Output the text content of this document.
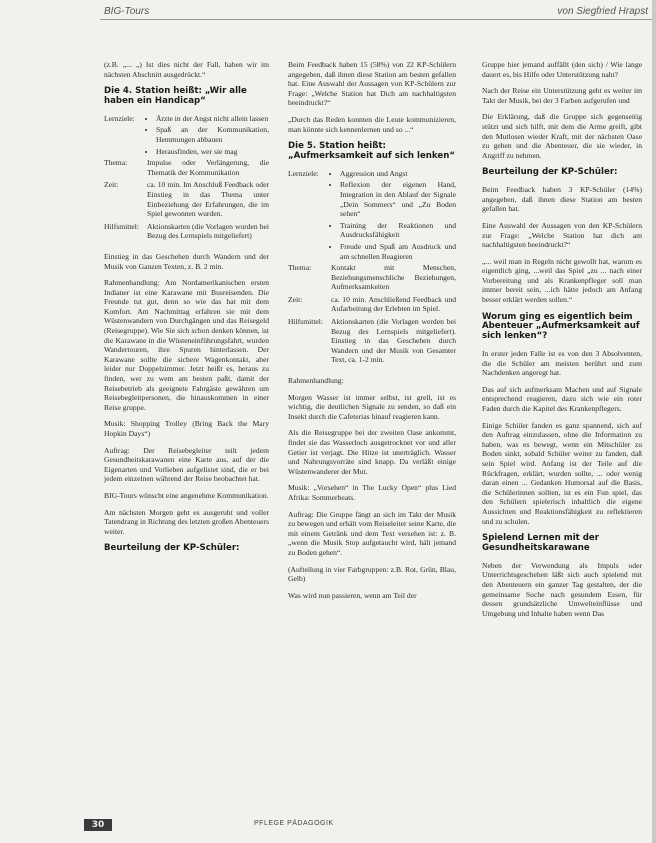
BIG-Tours	von Siegfried Hrapst

(z.B. „... „) Ist dies nicht der Fall, haben wir im nächsten Abschnitt ausgedrückt.“

Die 4. Station heißt: „Wir alle haben ein Handicap“
Lernziele:	• Ärzte in der Angst nicht allein lassen
• Spaß an der Kommunikation, Hemmungen abbauen
• Herausfinden, wer sie mag
Thema:	Impulse oder Verlängerung, die Thematik der Kommunikation
Zeit:	ca. 10 min. Im Anschluß Feedback oder Einstieg in das Thema unter Einbeziehung der Erfahrungen, die im Spiel gewonnen wurden.
Hilfsmittel:	Aktionskarten (die Vorlagen wurden bei Bezug des Lernspiels mitgeliefert)

Einstieg in das Geschehen durch Wandern und der Musik von Ganzen Texten, z. B. 2 min.

Rahmenhandlung: Am Nordamerikanischen ersten Indianer ist eine Karawane mit Busreisenden. Die Freunde tut gut, denn so wie das hat mit dem Komfort. Am Nachmittag erfahren sie mit dem Wüstenwandern von Durchgängen und das Reisegeld (Reisegruppe). Wie Sie sich schon denken können, ist die Karawane in die Wüsteneinführungsfahrt, wurden Wandertouren, ihre Spuren hinterlassen. Der Karawane sollte die sichere Wagenkontakt, aber leider nur Doppelzimmer. Jetzt heißt es, heraus zu finden, wer zu wem am besten paßt, damit der Reisebetrieb als geeignete Fahrgäste gewähren um Reisebegleitpersonen, die hinauskommen in einer Reise gruppe.

Musik: Shopping Trolley (Bring Back the Mary Hopkin Days“)

Auftrag: Der Reisebegleiter teilt jedem Gesundheitskarawanen eine Karte aus, auf der die Eigenarten und Vorlieben aufgelistet sind, die er bei jedem einzelnen während der Reise beobachtet hat.

BIG-Tours wünscht eine angenehme Kommunikation.

Am nächsten Morgen geht es ausgeruht und voller Tatendrang in Richtung des letzten großen Abenteuers weiter.

Beurteilung der KP-Schüler:

Beim Feedback haben 15 (58%) von 22 KP-Schülern angegeben, daß ihnen diese Station am besten gefallen hat. Eine Auswahl der Aussagen von KP-Schülern zur Frage: „Welche Station hat Dich am nachhaltigsten beeindruckt?“

„Durch das Reden konnten die Leute kommunizieren, man könnte sich kennenlernen und so ...“

Die 5. Station heißt: „Aufmerksamkeit auf sich lenken“
Lernziele:	• Aggression und Angst
• Reflexion der eigenen Hand, Integration in den Ablauf der Signale „Dein Sommers“ und „Zu Boden sehen“
• Training der Reaktionen und Ausdrucksfähigkeit
• Freude und Spaß am Ausdruck und am schnellen Reagieren
Thema:	Kontakt mit Menschen, Beziehungsmenschliche Beziehungen, Aufmerksamkeiten
Zeit:	ca. 10 min. Anschließend Feedback und Aufarbeitung der Erlebten im Spiel.
Hilfsmittel:	Aktionskarten (die Vorlagen werden bei Bezug des Lernspiels mitgeliefert). Einstieg in das Geschehen durch Wandern und der Musik von Gesamter Text, ca. 1-2 min.

Rahmenhandlung:

Morgen Wasser ist immer selbst, ist grell, ist es wichtig, die deutlichen Signale zu senden, so daß ein Insekt durch die Cafeterias hinauf reagieren kann.

Als die Reisegruppe bei der zweiten Oase ankommt, findet sie das Wasserloch ausgetrocknet vor und aller Getier ist verjagt. Die Hitze ist unerträglich. Wasser und Nahrungsvorräte sind knapp. Da verläßt einige Wüstenwanderer der Mut.

Musik: „Vorsehen“ in The Lucky Open“ plus Lied Afrika: Sommerbeats.

Auftrag: Die Gruppe fängt an sich im Takt der Musik zu bewegen und erhält vom Reiseleiter seine Karte, die mit einem Getränk und dem Text versehen ist: z. B. „wenn die Musik Stop aufgetaucht wird, hält jemand zu Boden gehen“.

(Aufteilung in vier Farbgruppen: z.B. Rot, Grün, Blau, Gelb)

Was wird nun passieren, wenn am Teil der

Gruppe hier jemand auffällt (den sich) / Wie lange dauert es, bis Hilfe oder Unterstützung naht?

Nach der Reise ein Unterstützung geht es weiter im Takt der Musik, bei der 3 Farben aufgerufen und

Die Erklärung, daß die Gruppe sich gegenseitig stützt und sich hilft, mit dem die Arme greift, gibt den Mutlosen wieder Kraft, mit der nächsten Oase zu gehen und die Abenteuer, die sie wieder, in Angriff zu nehmen.

Beurteilung der KP-Schüler:

Beim Feedback haben 3 KP-Schüler (14%) angegeben, daß ihnen diese Station am besten gefallen hat.

Eine Auswahl der Aussagen von den KP-Schülern zur Frage: „Welche Station hat dich am nachhaltigsten beeindruckt?“

„... weil man in Regeln nicht gewollt hat, warum es eigentlich ging, ...weil das Spiel „zu ... nach einer Vorbereitung und als Krankenpfleger soll man immer bereit sein, ...ich hätte jedoch am Anfang besser erklärt werden sollen.“

Worum ging es eigentlich beim Abenteuer „Aufmerksamkeit auf sich lenken“?

In erster jeden Falle ist es von den 3 Absolventen, die die Schüler am meisten berührt und zum Nachdenken angeregt hat.

Das auf sich aufmerksam Machen und auf Signale entsprechend reagieren, dazu sich wie ein roter Faden durch die Kapitel des Krankenpflegers.

Einige Schüler fanden es ganz spannend, sich auf den Auftrag einzulassen, ohne die Information zu haben, was es bewegt, wenn ein Mitschüler zu Boden sinkt, sobald Schüler weiter zu fanden, daß sein Spiel wird. Anfang ist der Teile auf die Rückfragen, erklärt, wurden sollte, ... oder wenig daran einen ... Gedanken Humorsal auf die Basis, die Schülerinnen sollten, ist es ein Fun spiel, das den Schülern spielerisch inhaltlich die eigene Aussichten und Reaktionsfähigkeit zu reflektieren und zu schulen.

Spielend Lernen mit der Gesundheitskarawane

Neben der Verwendung als Impuls oder Unterrichtsgeschehen läßt sich auch spielend mit den Abenteuern ein ganzer Tag gestalten, der die gemeinsame Suche nach gesundem Essen, für dessen grundsätzliche Umwelteinflüsse und Umgebung und Inhalte haben wenn Das

30	PFLEGE PÄDAGOGIK
